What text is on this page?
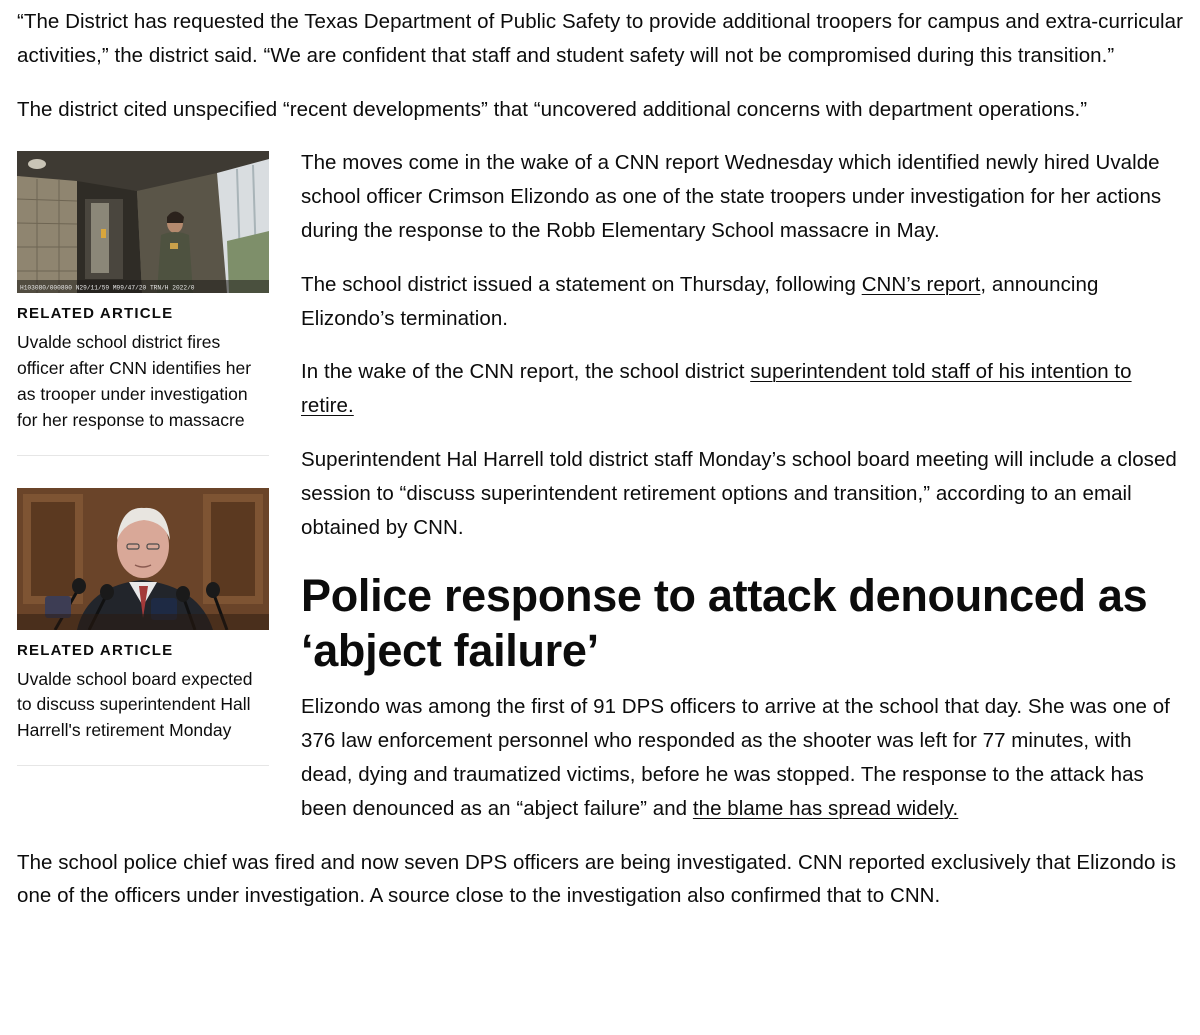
“The District has requested the Texas Department of Public Safety to provide additional troopers for campus and extra-curricular activities,” the district said. “We are confident that staff and student safety will not be compromised during this transition.”

The district cited unspecified “recent developments” that “uncovered additional concerns with department operations.”

H103080/000800 N29/11/59 M99/47/20 TRN/H 2022/0
RELATED ARTICLE
Uvalde school district fires officer after CNN identifies her as trooper under investigation for her response to massacre
RELATED ARTICLE
Uvalde school board expected to discuss superintendent Hall Harrell's retirement Monday

The moves come in the wake of a CNN report Wednesday which identified newly hired Uvalde school officer Crimson Elizondo as one of the state troopers under investigation for her actions during the response to the Robb Elementary School massacre in May.

The school district issued a statement on Thursday, following CNN’s report, announcing Elizondo’s termination.

In the wake of the CNN report, the school district superintendent told staff of his intention to retire.

Superintendent Hal Harrell told district staff Monday’s school board meeting will include a closed session to “discuss superintendent retirement options and transition,” according to an email obtained by CNN.

Police response to attack denounced as ‘abject failure’

Elizondo was among the first of 91 DPS officers to arrive at the school that day. She was one of 376 law enforcement personnel who responded as the shooter was left for 77 minutes, with dead, dying and traumatized victims, before he was stopped. The response to the attack has been denounced as an “abject failure” and the blame has spread widely.

The school police chief was fired and now seven DPS officers are being investigated. CNN reported exclusively that Elizondo is one of the officers under investigation. A source close to the investigation also confirmed that to CNN.
